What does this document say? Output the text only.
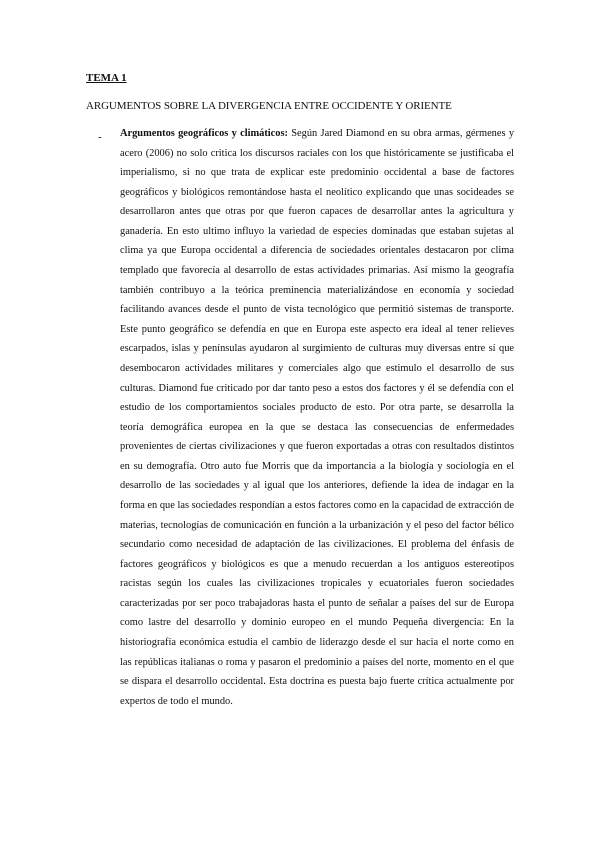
TEMA 1

ARGUMENTOS SOBRE LA DIVERGENCIA ENTRE OCCIDENTE Y ORIENTE

- Argumentos geográficos y climáticos: Según Jared Diamond en su obra armas, gérmenes y acero (2006) no solo critica los discursos raciales con los que históricamente se justificaba el imperialismo, si no que trata de explicar este predominio occidental a base de factores geográficos y biológicos remontándose hasta el neolítico explicando que unas socideades se desarrollaron antes que otras por que fueron capaces de desarrollar antes la agricultura y ganadería. En esto ultimo influyo la variedad de especies dominadas que estaban sujetas al clima ya que Europa occidental a diferencia de sociedades orientales destacaron por clima templado que favorecía al desarrollo de estas actividades primarias. Así mismo la geografía también contribuyo a la teórica preminencia materializándose en economía y sociedad facilitando avances desde el punto de vista tecnológico que permitió sistemas de transporte. Este punto geográfico se defendía en que en Europa este aspecto era ideal al tener relieves escarpados, islas y penínsulas ayudaron al surgimiento de culturas muy diversas entre sí que desembocaron actividades militares y comerciales algo que estimulo el desarrollo de sus culturas. Diamond fue criticado por dar tanto peso a estos dos factores y él se defendía con el estudio de los comportamientos sociales producto de esto. Por otra parte, se desarrolla la teoría demográfica europea en la que se destaca las consecuencias de enfermedades provenientes de ciertas civilizaciones y que fueron exportadas a otras con resultados distintos en su demografía. Otro auto fue Morris que da importancia a la biología y sociología en el desarrollo de las sociedades y al igual que los anteriores, defiende la idea de indagar en la forma en que las sociedades respondían a estos factores como en la capacidad de extracción de materias, tecnologías de comunicación en función a la urbanización y el peso del factor bélico secundario como necesidad de adaptación de las civilizaciones. El problema del énfasis de factores geográficos y biológicos es que a menudo recuerdan a los antiguos estereotipos racistas según los cuales las civilizaciones tropicales y ecuatoriales fueron sociedades caracterizadas por ser poco trabajadoras hasta el punto de señalar a países del sur de Europa como lastre del desarrollo y dominio europeo en el mundo Pequeña divergencia: En la historiografía económica estudia el cambio de liderazgo desde el sur hacia el norte como en las repúblicas italianas o roma y pasaron el predominio a países del norte, momento en el que se dispara el desarrollo occidental. Esta doctrina es puesta bajo fuerte crítica actualmente por expertos de todo el mundo.
